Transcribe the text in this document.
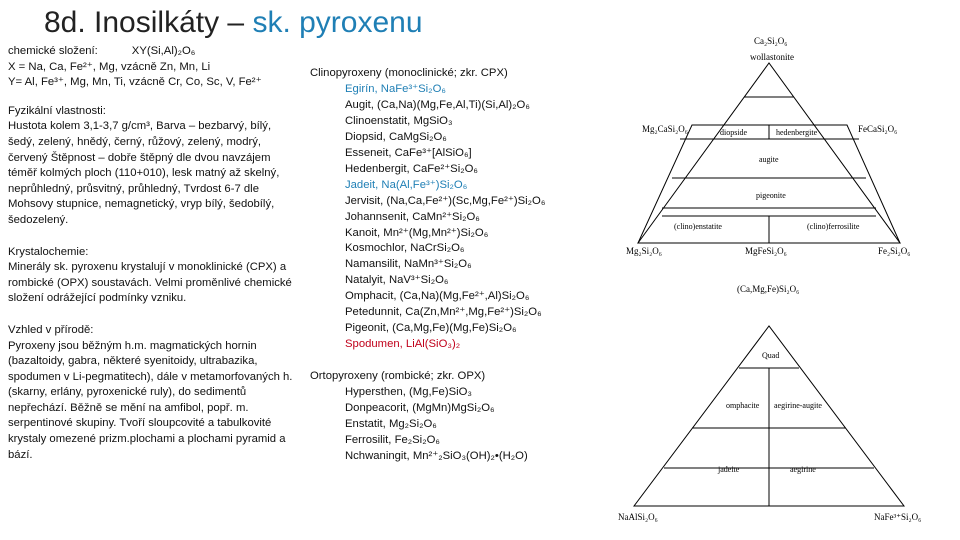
8d. Inosilkáty – sk. pyroxenu
chemické složení:	XY(Si,Al)₂O₆
X = Na, Ca, Fe²⁺, Mg, vzácně Zn, Mn, Li
Y= Al, Fe³⁺, Mg, Mn, Ti, vzácně Cr, Co, Sc, V, Fe²⁺
Fyzikální vlastnosti:
Hustota kolem 3,1-3,7 g/cm³, Barva – bezbarvý, bílý, šedý, zelený, hnědý, černý, růžový, zelený, modrý, červený Štěpnost – dobře štěpný dle dvou navzájem téměř kolmých ploch (110+010), lesk matný až skelný, neprůhledný, průsvitný, průhledný, Tvrdost 6-7 dle Mohsovy stupnice, nemagnetický, vryp bílý, šedobílý, šedozelený.
Krystalochemie:
Minerály sk. pyroxenu krystalují v monoklinické (CPX) a rombické (OPX) soustavách. Velmi proměnlivé chemické složení odrážející podmínky vzniku.
Vzhled v přírodě:
Pyroxeny jsou běžným h.m. magmatických hornin (bazaltoidy, gabra, některé syenitoidy, ultrabazika, spodumen v Li-pegmatitech), dále v metamorfovaných h. (skarny, erlány, pyroxenické ruly), do sedimentů nepřechází. Běžně se mění na amfibol, popř. m. serpentinové skupiny. Tvoří sloupcovité a tabulkovité krystaly omezené prizm.plochami a plochami pyramid a bází.
Clinopyroxeny (monoclinické; zkr. CPX)
Egirín, NaFe³⁺Si₂O₆
Augit, (Ca,Na)(Mg,Fe,Al,Ti)(Si,Al)₂O₆
Clinoenstatit, MgSiO₃
Diopsid, CaMgSi₂O₆
Esseneit, CaFe³⁺[AlSiO₆]
Hedenbergit, CaFe²⁺Si₂O₆
Jadeit, Na(Al,Fe³⁺)Si₂O₆
Jervisit, (Na,Ca,Fe²⁺)(Sc,Mg,Fe²⁺)Si₂O₆
Johannsenit, CaMn²⁺Si₂O₆
Kanoit, Mn²⁺(Mg,Mn²⁺)Si₂O₆
Kosmochlor, NaCrSi₂O₆
Namansilit, NaMn³⁺Si₂O₆
Natalyit, NaV³⁺Si₂O₆
Omphacit, (Ca,Na)(Mg,Fe²⁺,Al)Si₂O₆
Petedunnit, Ca(Zn,Mn²⁺,Mg,Fe²⁺)Si₂O₆
Pigeonit, (Ca,Mg,Fe)(Mg,Fe)Si₂O₆
Spodumen, LiAl(SiO₃)₂
Ortopyroxeny (rombické; zkr. OPX)
Hypersthen, (Mg,Fe)SiO₃
Donpeacorit, (MgMn)MgSi₂O₆
Enstatit, Mg₂Si₂O₆
Ferrosilit, Fe₂Si₂O₆
Nchwaningit, Mn²⁺₂SiO₃(OH)₂•(H₂O)
Ca₂Si₂O₆
wollastonite
Mg₂CaSi₂O₆	FeCaSi₂O₆
diopside	hedenbergite
augite
pigeonite
(clino)enstatite	(clino)ferrosilite
Mg₂Si₂O₆	MgFeSi₂O₆	Fe₂Si₂O₆
(Ca,Mg,Fe)Si₂O₆
Quad
omphacite aegirine-augite
jadeite	aegirine
NaAlSi₂O₆	NaFe³⁺Si₂O₆
